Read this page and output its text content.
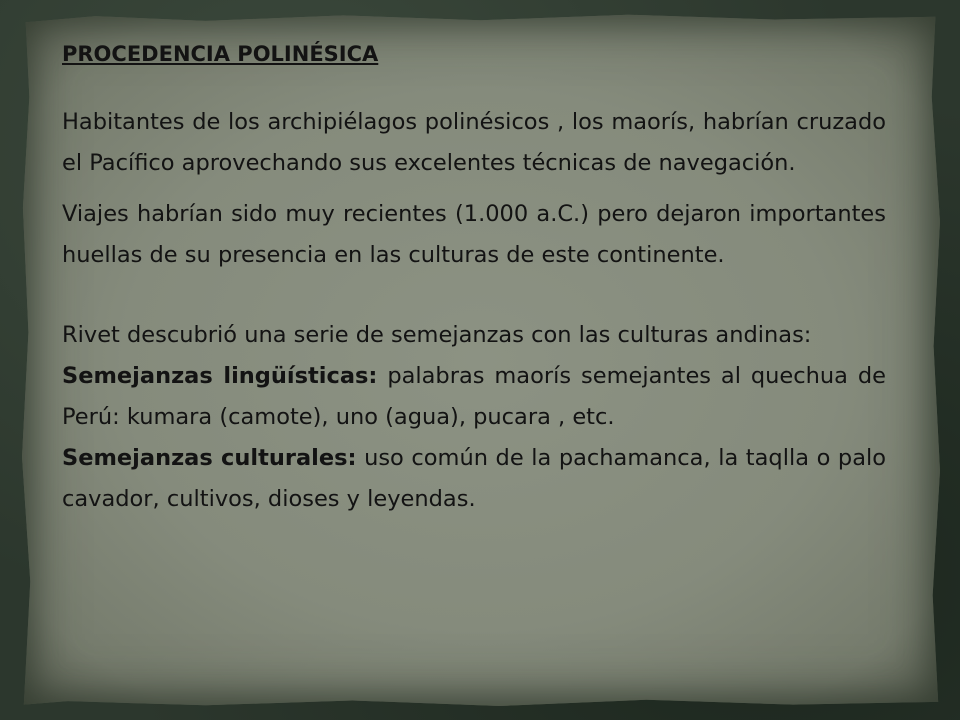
PROCEDENCIA POLINÉSICA

Habitantes de los archipiélagos polinésicos , los maorís, habrían cruzado el Pacífico aprovechando sus excelentes técnicas de navegación.

Viajes habrían sido muy recientes (1.000 a.C.) pero dejaron importantes huellas de su presencia en las culturas de este continente.

Rivet descubrió una serie de semejanzas con las culturas andinas:

Semejanzas lingüísticas: palabras maorís semejantes al quechua de Perú: kumara (camote), uno (agua), pucara , etc.

Semejanzas culturales: uso común de la pachamanca, la taqlla o palo cavador, cultivos, dioses y leyendas.
